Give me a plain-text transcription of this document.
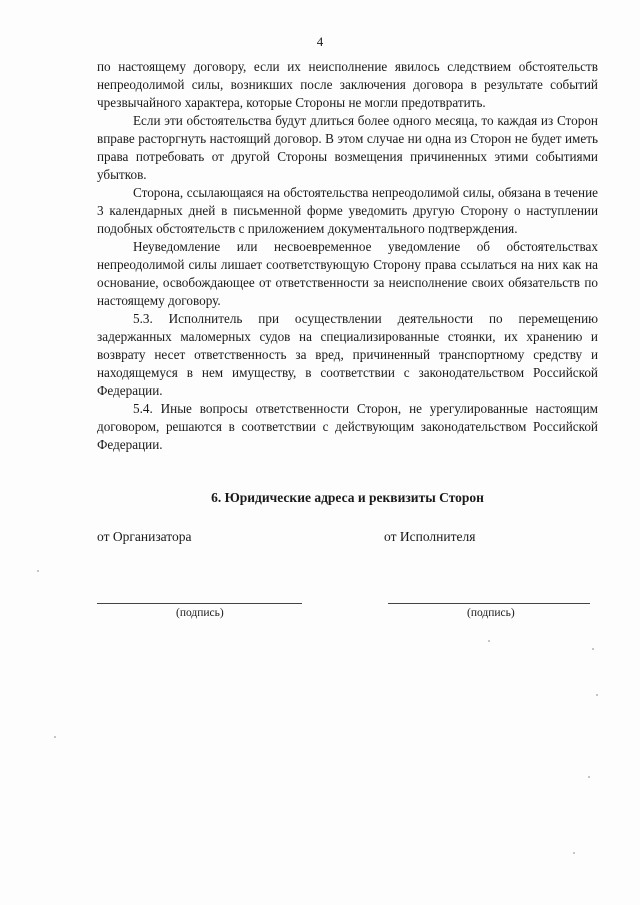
4

по настоящему договору, если их неисполнение явилось следствием обстоятельств непреодолимой силы, возникших после заключения договора в результате событий чрезвычайного характера, которые Стороны не могли предотвратить.

Если эти обстоятельства будут длиться более одного месяца, то каждая из Сторон вправе расторгнуть настоящий договор. В этом случае ни одна из Сторон не будет иметь права потребовать от другой Стороны возмещения причиненных этими событиями убытков.

Сторона, ссылающаяся на обстоятельства непреодолимой силы, обязана в течение 3 календарных дней в письменной форме уведомить другую Сторону о наступлении подобных обстоятельств с приложением документального подтверждения.

Неуведомление или несвоевременное уведомление об обстоятельствах непреодолимой силы лишает соответствующую Сторону права ссылаться на них как на основание, освобождающее от ответственности за неисполнение своих обязательств по настоящему договору.

5.3. Исполнитель при осуществлении деятельности по перемещению задержанных маломерных судов на специализированные стоянки, их хранению и возврату несет ответственность за вред, причиненный транспортному средству и находящемуся в нем имуществу, в соответствии с законодательством Российской Федерации.

5.4. Иные вопросы ответственности Сторон, не урегулированные настоящим договором, решаются в соответствии с действующим законодательством Российской Федерации.

6. Юридические адреса и реквизиты Сторон
от Организатора	от Исполнителя
(подпись)	(подпись)
